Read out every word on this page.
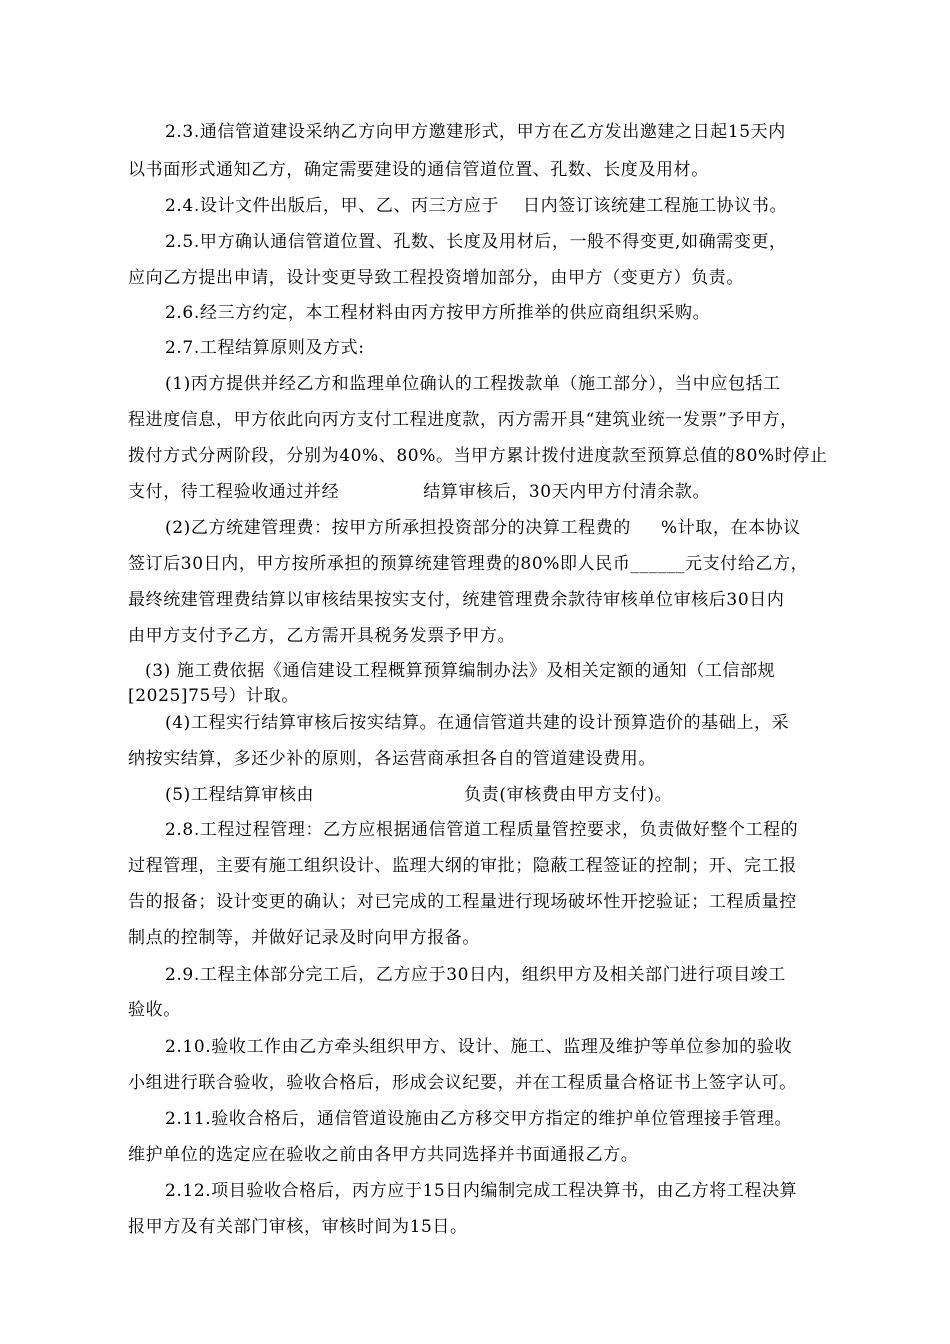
2.3.通信管道建设采纳乙方向甲方邀建形式，甲方在乙方发出邀建之日起15天内
以书面形式通知乙方，确定需要建设的通信管道位置、孔数、长度及用材。
2.4.设计文件出版后，甲、乙、丙三方应于    日内签订该统建工程施工协议书。
2.5.甲方确认通信管道位置、孔数、长度及用材后，一般不得变更,如确需变更，
应向乙方提出申请，设计变更导致工程投资增加部分，由甲方（变更方）负责。
2.6.经三方约定，本工程材料由丙方按甲方所推举的供应商组织采购。
2.7.工程结算原则及方式:
(1)丙方提供并经乙方和监理单位确认的工程拨款单（施工部分），当中应包括工
程进度信息，甲方依此向丙方支付工程进度款，丙方需开具“建筑业统一发票”予甲方，
拨付方式分两阶段，分别为40%、80%。当甲方累计拨付进度款至预算总值的80%时停止
支付，待工程验收通过并经              结算审核后，30天内甲方付清余款。
(2)乙方统建管理费：按甲方所承担投资部分的决算工程费的     %计取，在本协议
签订后30日内，甲方按所承担的预算统建管理费的80%即人民币______元支付给乙方，
最终统建管理费结算以审核结果按实支付，统建管理费余款待审核单位审核后30日内
由甲方支付予乙方，乙方需开具税务发票予甲方。
(3) 施工费依据《通信建设工程概算预算编制办法》及相关定额的通知（工信部规
[2025]75号）计取。
(4)工程实行结算审核后按实结算。在通信管道共建的设计预算造价的基础上，采
纳按实结算，多还少补的原则，各运营商承担各自的管道建设费用。
(5)工程结算审核由                         负责(审核费由甲方支付)。
2.8.工程过程管理：乙方应根据通信管道工程质量管控要求，负责做好整个工程的
过程管理，主要有施工组织设计、监理大纲的审批；隐蔽工程签证的控制；开、完工报
告的报备；设计变更的确认；对已完成的工程量进行现场破坏性开挖验证；工程质量控
制点的控制等，并做好记录及时向甲方报备。
2.9.工程主体部分完工后，乙方应于30日内，组织甲方及相关部门进行项目竣工
验收。
2.10.验收工作由乙方牵头组织甲方、设计、施工、监理及维护等单位参加的验收
小组进行联合验收，验收合格后，形成会议纪要，并在工程质量合格证书上签字认可。
2.11.验收合格后，通信管道设施由乙方移交甲方指定的维护单位管理接手管理。
维护单位的选定应在验收之前由各甲方共同选择并书面通报乙方。
2.12.项目验收合格后，丙方应于15日内编制完成工程决算书，由乙方将工程决算
报甲方及有关部门审核，审核时间为15日。
